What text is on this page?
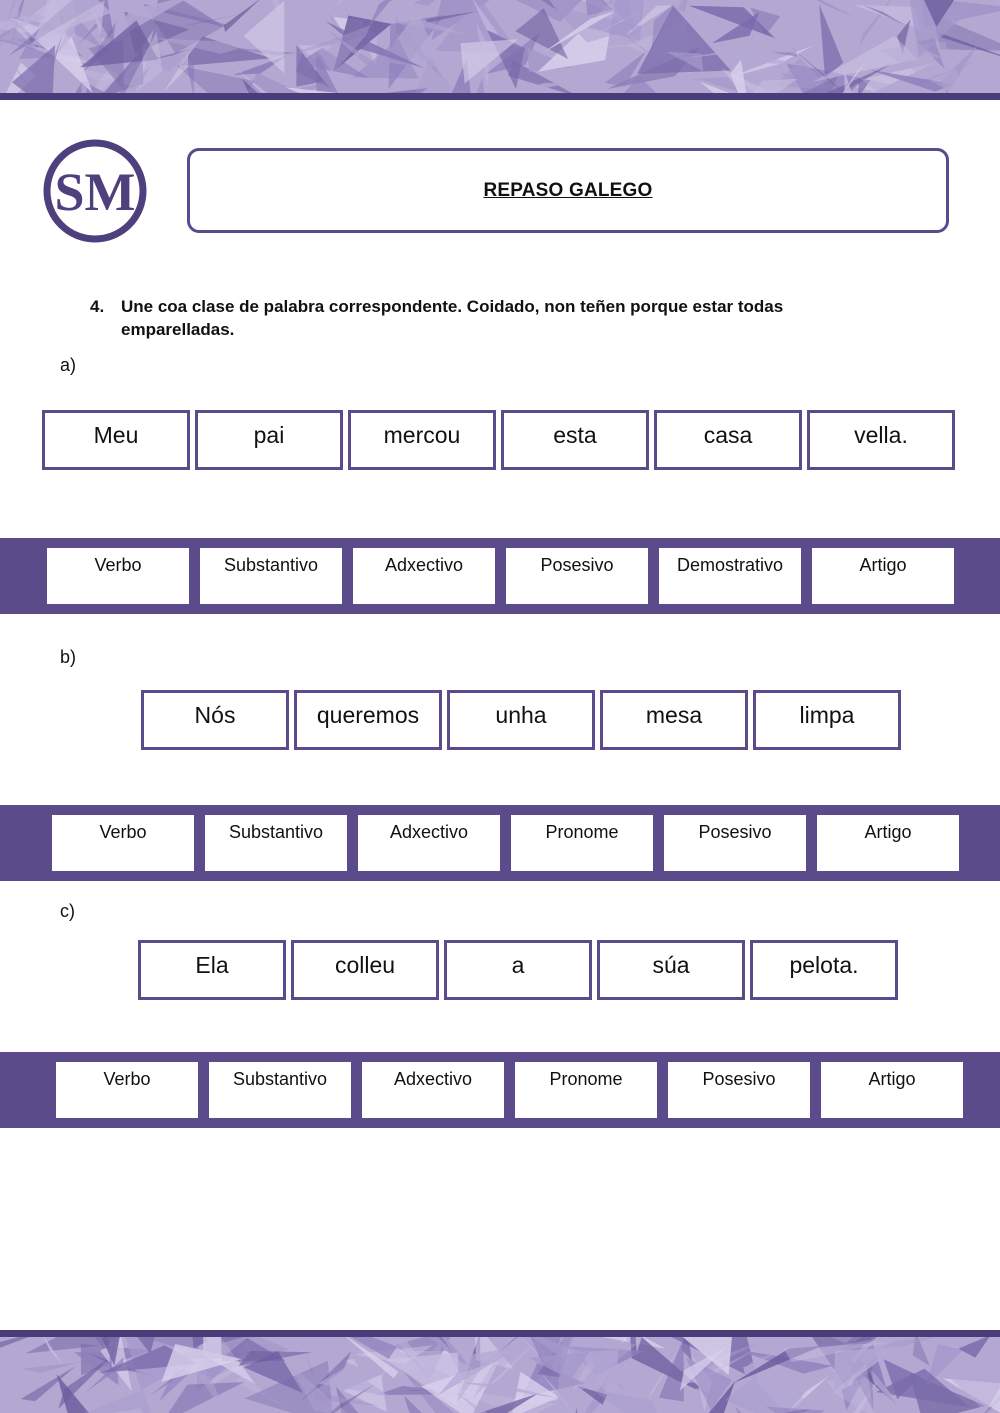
SM	REPASO GALEGO
4. Une coa clase de palabra correspondente. Coidado, non teñen porque estar todas emparelladas.
a)
Meu	pai	mercou	esta	casa	vella.
Verbo	Substantivo	Adxectivo	Posesivo	Demostrativo	Artigo
b)
Nós	queremos	unha	mesa	limpa
Verbo	Substantivo	Adxectivo	Pronome	Posesivo	Artigo
c)
Ela	colleu	a	súa	pelota.
Verbo	Substantivo	Adxectivo	Pronome	Posesivo	Artigo
